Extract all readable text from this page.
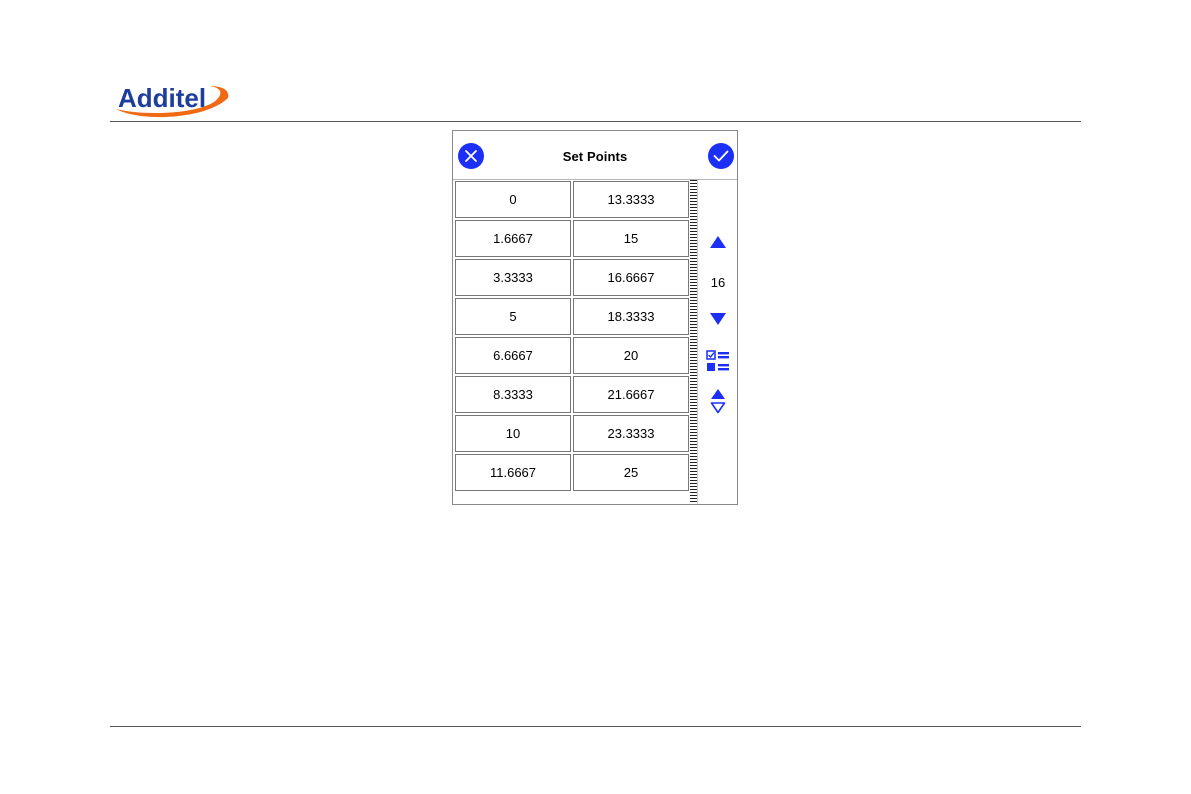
Additel
Set Points
0	13.3333
1.6667	15
3.3333	16.6667
5	18.3333
6.6667	20
8.3333	21.6667
10	23.3333
11.6667	25
16
